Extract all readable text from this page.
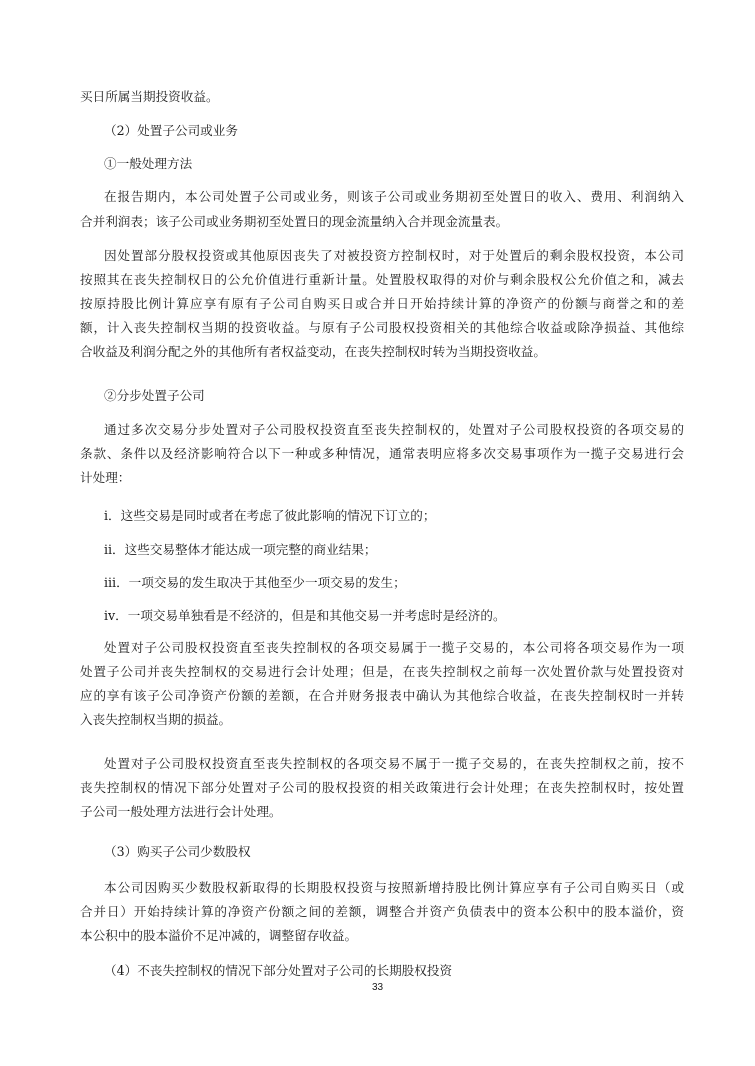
买日所属当期投资收益。
（2）处置子公司或业务
①一般处理方法
在报告期内，本公司处置子公司或业务，则该子公司或业务期初至处置日的收入、费用、利润纳入
合并利润表；该子公司或业务期初至处置日的现金流量纳入合并现金流量表。
因处置部分股权投资或其他原因丧失了对被投资方控制权时，对于处置后的剩余股权投资，本公司
按照其在丧失控制权日的公允价值进行重新计量。处置股权取得的对价与剩余股权公允价值之和，减去
按原持股比例计算应享有原有子公司自购买日或合并日开始持续计算的净资产的份额与商誉之和的差
额，计入丧失控制权当期的投资收益。与原有子公司股权投资相关的其他综合收益或除净损益、其他综
合收益及利润分配之外的其他所有者权益变动，在丧失控制权时转为当期投资收益。
②分步处置子公司
通过多次交易分步处置对子公司股权投资直至丧失控制权的，处置对子公司股权投资的各项交易的
条款、条件以及经济影响符合以下一种或多种情况，通常表明应将多次交易事项作为一揽子交易进行会
计处理：
ⅰ．这些交易是同时或者在考虑了彼此影响的情况下订立的；
ⅱ．这些交易整体才能达成一项完整的商业结果；
ⅲ．一项交易的发生取决于其他至少一项交易的发生；
ⅳ．一项交易单独看是不经济的，但是和其他交易一并考虑时是经济的。
处置对子公司股权投资直至丧失控制权的各项交易属于一揽子交易的，本公司将各项交易作为一项
处置子公司并丧失控制权的交易进行会计处理；但是，在丧失控制权之前每一次处置价款与处置投资对
应的享有该子公司净资产份额的差额，在合并财务报表中确认为其他综合收益，在丧失控制权时一并转
入丧失控制权当期的损益。
处置对子公司股权投资直至丧失控制权的各项交易不属于一揽子交易的，在丧失控制权之前，按不
丧失控制权的情况下部分处置对子公司的股权投资的相关政策进行会计处理；在丧失控制权时，按处置
子公司一般处理方法进行会计处理。
（3）购买子公司少数股权
本公司因购买少数股权新取得的长期股权投资与按照新增持股比例计算应享有子公司自购买日（或
合并日）开始持续计算的净资产份额之间的差额，调整合并资产负债表中的资本公积中的股本溢价，资
本公积中的股本溢价不足冲减的，调整留存收益。
（4）不丧失控制权的情况下部分处置对子公司的长期股权投资
33
